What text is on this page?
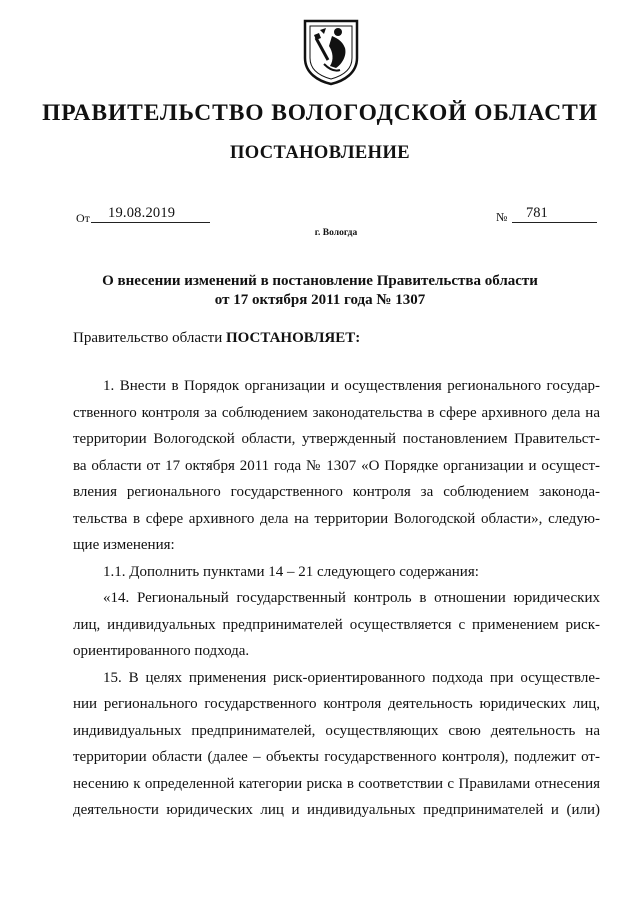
ПРАВИТЕЛЬСТВО ВОЛОГОДСКОЙ ОБЛАСТИ
ПОСТАНОВЛЕНИЕ
От 19.08.2019	№ 781
г. Вологда
О внесении изменений в постановление Правительства области
от 17 октября 2011 года № 1307
Правительство области ПОСТАНОВЛЯЕТ:
1. Внести в Порядок организации и осуществления регионального государ-
ственного контроля за соблюдением законодательства в сфере архивного дела на
территории Вологодской области, утвержденный постановлением Правительст-
ва области от 17 октября 2011 года № 1307 «О Порядке организации и осущест-
вления регионального государственного контроля за соблюдением законода-
тельства в сфере архивного дела на территории Вологодской области», следую-
щие изменения:
1.1. Дополнить пунктами 14 – 21 следующего содержания:
«14. Региональный государственный контроль в отношении юридических
лиц, индивидуальных предпринимателей осуществляется с применением риск-
ориентированного подхода.
15. В целях применения риск-ориентированного подхода при осуществле-
нии регионального государственного контроля деятельность юридических лиц,
индивидуальных предпринимателей, осуществляющих свою деятельность на
территории области (далее – объекты государственного контроля), подлежит от-
несению к определенной категории риска в соответствии с Правилами отнесения
деятельности юридических лиц и индивидуальных предпринимателей и (или)
